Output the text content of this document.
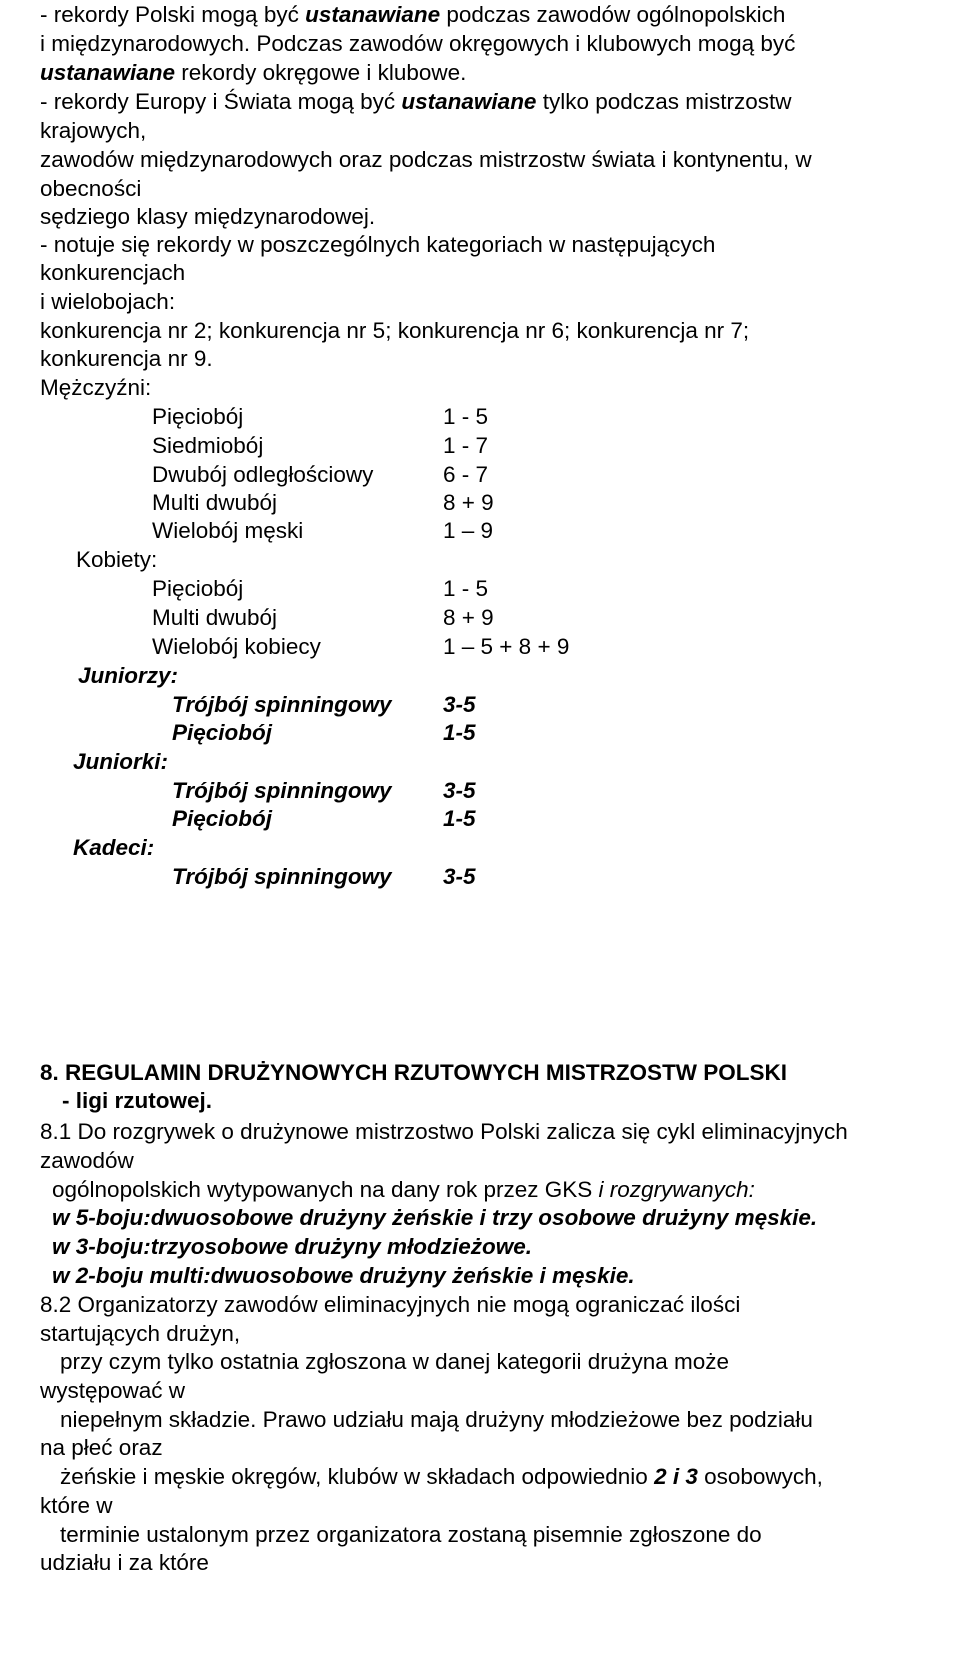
- rekordy Polski mogą być ustanawiane podczas zawodów ogólnopolskich
i międzynarodowych. Podczas zawodów okręgowych i klubowych mogą być
ustanawiane rekordy okręgowe i klubowe.
- rekordy Europy i Świata mogą być ustanawiane tylko podczas mistrzostw
krajowych,
zawodów międzynarodowych oraz podczas mistrzostw świata i kontynentu, w
obecności
sędziego klasy międzynarodowej.
- notuje się rekordy w poszczególnych kategoriach w następujących
konkurencjach
i wielobojach:
konkurencja nr 2; konkurencja nr 5; konkurencja nr 6; konkurencja nr 7;
konkurencja nr 9.
Mężczyźni:
Pięciobój	1 - 5
Siedmiobój	1 - 7
Dwubój odległościowy	6 - 7
Multi dwubój	8 + 9
Wielobój męski	1 – 9
Kobiety:
Pięciobój	1 - 5
Multi dwubój	8 + 9
Wielobój kobiecy	1 – 5 + 8 + 9
Juniorzy:
Trójbój spinningowy 3-5
Pięciobój	1-5
Juniorki:
Trójbój spinningowy 3-5
Pięciobój	1-5
Kadeci:
Trójbój spinningowy 3-5
8. REGULAMIN DRUŻYNOWYCH RZUTOWYCH MISTRZOSTW POLSKI
- ligi rzutowej.
8.1 Do rozgrywek o drużynowe mistrzostwo Polski zalicza się cykl eliminacyjnych
zawodów
ogólnopolskich wytypowanych na dany rok przez GKS i rozgrywanych:
w 5-boju:dwuosobowe drużyny żeńskie i trzy osobowe drużyny męskie.
w 3-boju:trzyosobowe drużyny młodzieżowe.
w 2-boju multi:dwuosobowe drużyny żeńskie i męskie.
8.2 Organizatorzy zawodów eliminacyjnych nie mogą ograniczać ilości
startujących drużyn,
przy czym tylko ostatnia zgłoszona w danej kategorii drużyna może
występować w
niepełnym składzie. Prawo udziału mają drużyny młodzieżowe bez podziału
na płeć oraz
żeńskie i męskie okręgów, klubów w składach odpowiednio 2 i 3 osobowych,
które w
terminie ustalonym przez organizatora zostaną pisemnie zgłoszone do
udziału i za które
